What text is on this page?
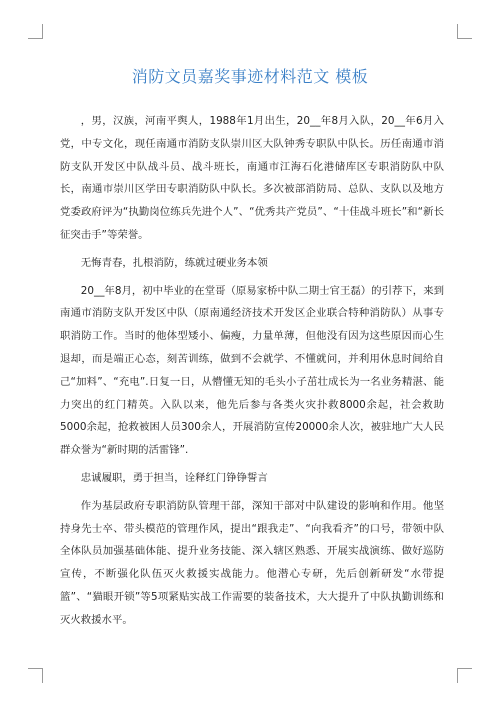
消防文员嘉奖事迹材料范文 模板

，男，汉族，河南平舆人，1988年1月出生，20__年8月入队，20__年6月入党，中专文化，现任南通市消防支队崇川区大队钟秀专职队中队长。历任南通市消防支队开发区中队战斗员、战斗班长，南通市江海石化港储库区专职消防队中队长，南通市崇川区学田专职消防队中队长。多次被部消防局、总队、支队以及地方党委政府评为“执勤岗位练兵先进个人”、“优秀共产党员”、“十佳战斗班长”和“新长征突击手”等荣誉。

无悔青春，扎根消防，练就过硬业务本领

20__年8月，初中毕业的在堂哥（原易家桥中队二期士官王磊）的引荐下，来到南通市消防支队开发区中队（原南通经济技术开发区企业联合特种消防队）从事专职消防工作。当时的他体型矮小、偏瘦，力量单薄，但他没有因为这些原因而心生退却，而是端正心态，刻苦训练，做到不会就学、不懂就问，并利用休息时间给自己“加料”、“充电”.日复一日，从懵懂无知的毛头小子茁壮成长为一名业务精湛、能力突出的红门精英。入队以来，他先后参与各类火灾扑救8000余起，社会救助5000余起，抢救被困人员300余人，开展消防宣传20000余人次，被驻地广大人民群众誉为“新时期的活雷锋”.

忠诚履职，勇于担当，诠释红门铮铮誓言

作为基层政府专职消防队管理干部，深知干部对中队建设的影响和作用。他坚持身先士卒、带头模范的管理作风，提出“跟我走”、“向我看齐”的口号，带领中队全体队员加强基础体能、提升业务技能、深入辖区熟悉、开展实战演练、做好巡防宣传，不断强化队伍灭火救援实战能力。他潜心专研，先后创新研发“水带提篮”、“猫眼开锁”等5项紧贴实战工作需要的装备技术，大大提升了中队执勤训练和灭火救援水平。
